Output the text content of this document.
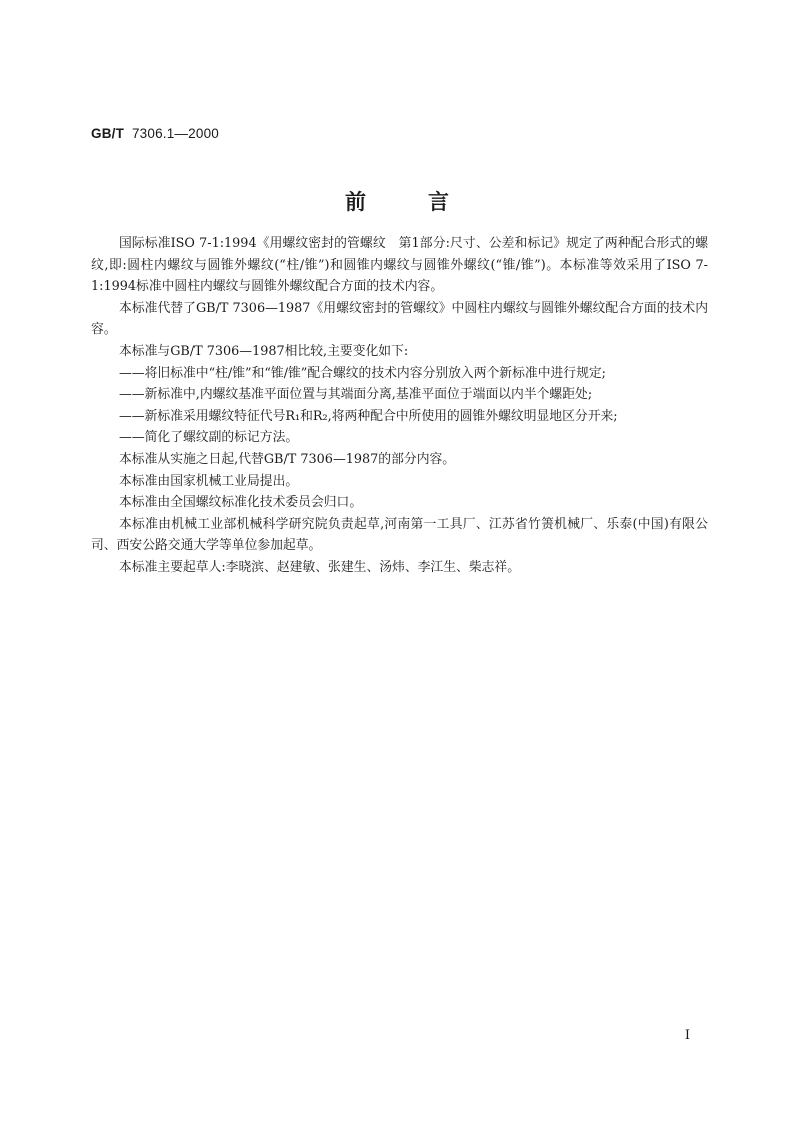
GB/T 7306.1—2000
前言

国际标准ISO 7-1:1994《用螺纹密封的管螺纹　第1部分:尺寸、公差和标记》规定了两种配合形式的螺纹,即:圆柱内螺纹与圆锥外螺纹(“柱/锥”)和圆锥内螺纹与圆锥外螺纹(“锥/锥”)。本标准等效采用了ISO 7-1:1994标准中圆柱内螺纹与圆锥外螺纹配合方面的技术内容。

本标准代替了GB/T 7306—1987《用螺纹密封的管螺纹》中圆柱内螺纹与圆锥外螺纹配合方面的技术内容。

本标准与GB/T 7306—1987相比较,主要变化如下:

——将旧标准中“柱/锥”和“锥/锥”配合螺纹的技术内容分别放入两个新标准中进行规定;

——新标准中,内螺纹基准平面位置与其端面分离,基准平面位于端面以内半个螺距处;

——新标准采用螺纹特征代号R₁和R₂,将两种配合中所使用的圆锥外螺纹明显地区分开来;

——简化了螺纹副的标记方法。

本标准从实施之日起,代替GB/T 7306—1987的部分内容。

本标准由国家机械工业局提出。

本标准由全国螺纹标准化技术委员会归口。

本标准由机械工业部机械科学研究院负责起草,河南第一工具厂、江苏省竹箦机械厂、乐泰(中国)有限公司、西安公路交通大学等单位参加起草。

本标准主要起草人:李晓滨、赵建敏、张建生、汤炜、李江生、柴志祥。

I
